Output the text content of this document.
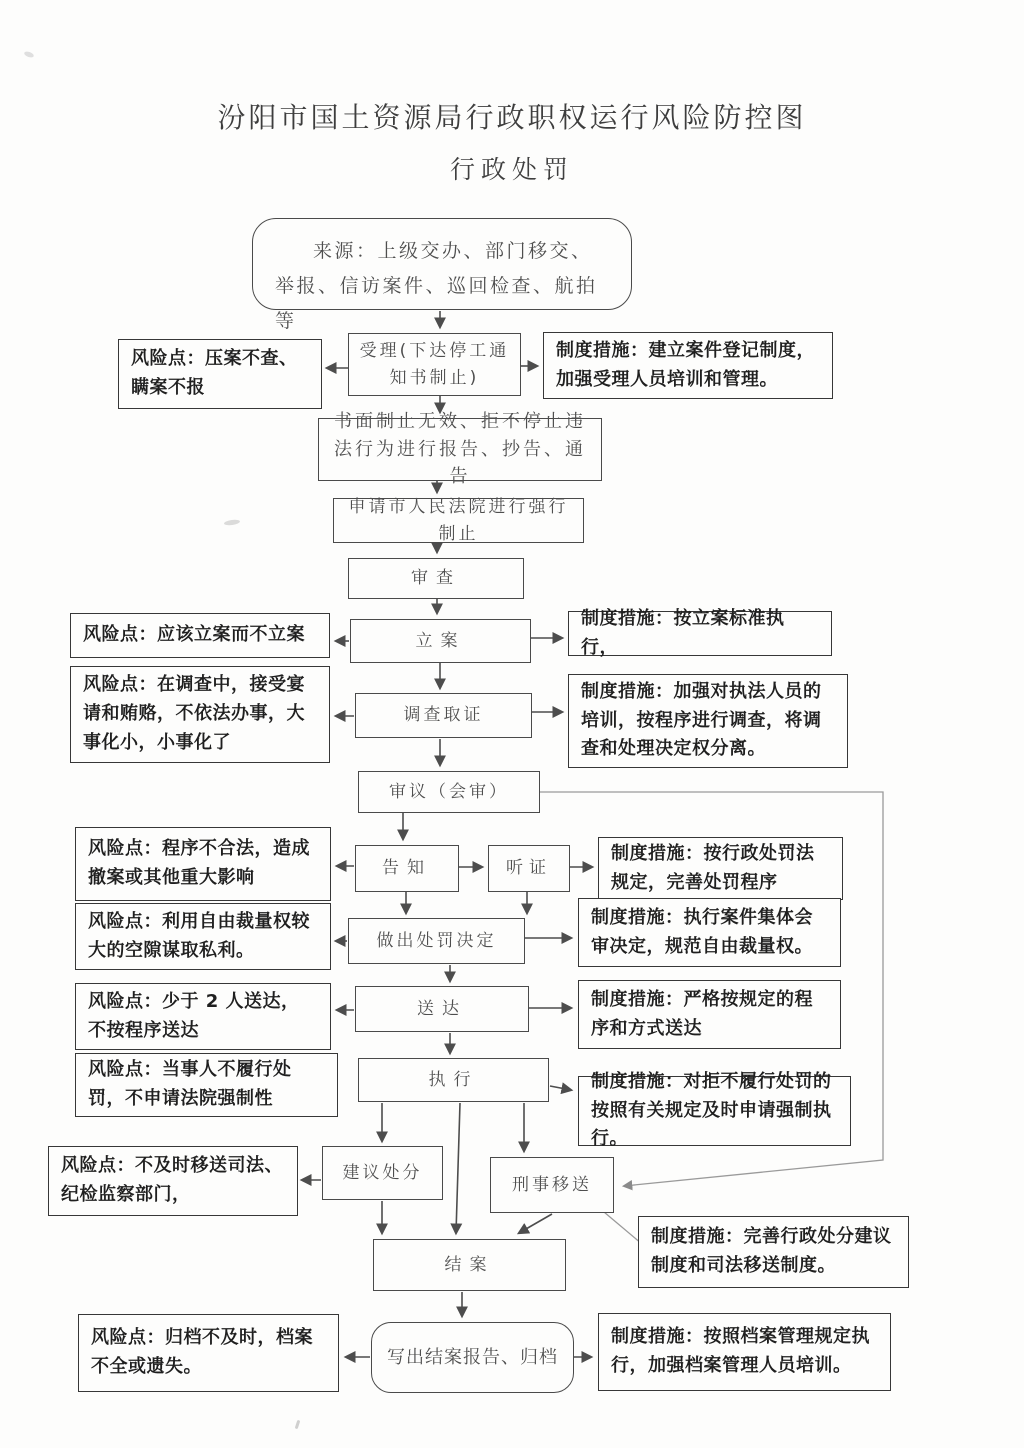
汾阳市国土资源局行政职权运行风险防控图
行政处罚
来源：上级交办、部门移交、举报、信访案件、巡回检查、航拍等
受理(下达停工通知书制止)
书面制止无效、拒不停止违法行为进行报告、抄告、通告
申请市人民法院进行强行制止
审查
立案
调查取证
审议（会审）
告知	听证
做出处罚决定
送达
执行
建议处分
刑事移送
结案
写出结案报告、归档
风险点：压案不查、瞒案不报
风险点：应该立案而不立案
风险点：在调查中，接受宴请和贿赂，不依法办事，大事化小，小事化了
风险点：程序不合法，造成撤案或其他重大影响
风险点：利用自由裁量权较大的空隙谋取私利。
风险点：少于 2 人送达，不按程序送达
风险点：当事人不履行处罚，不申请法院强制性
风险点：不及时移送司法、纪检监察部门，
风险点：归档不及时，档案不全或遗失。
制度措施：建立案件登记制度，加强受理人员培训和管理。
制度措施：按立案标准执行，
制度措施：加强对执法人员的培训，按程序进行调查，将调查和处理决定权分离。
制度措施：按行政处罚法规定，完善处罚程序
制度措施：执行案件集体会审决定，规范自由裁量权。
制度措施：严格按规定的程序和方式送达
制度措施：对拒不履行处罚的按照有关规定及时申请强制执行。
制度措施：完善行政处分建议制度和司法移送制度。
制度措施：按照档案管理规定执行，加强档案管理人员培训。
